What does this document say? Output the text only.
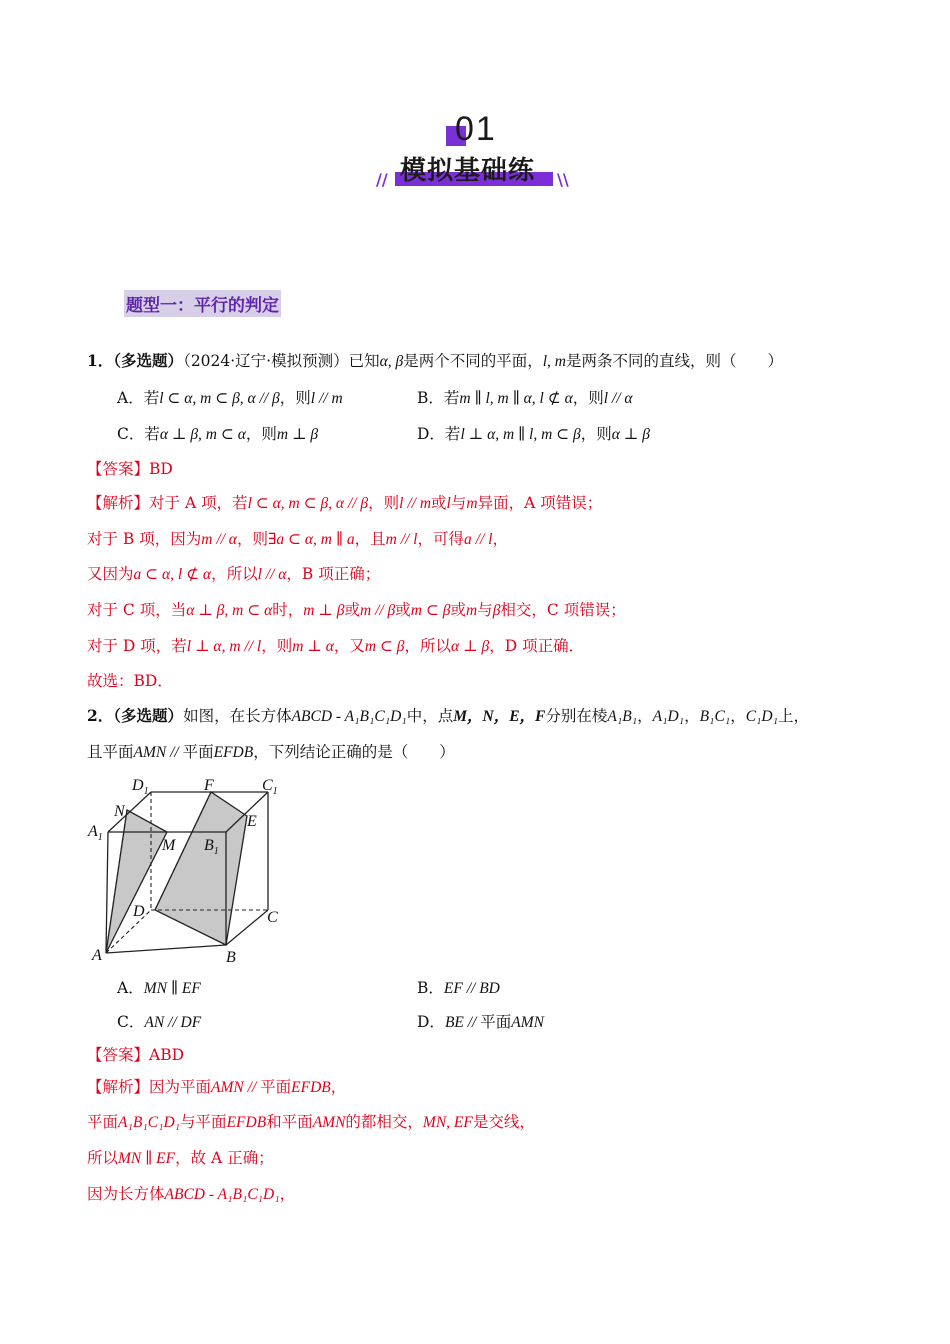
01
模拟基础练
//	\\
题型一：平行的判定
1．（多选题）（2024·辽宁·模拟预测）已知α, β是两个不同的平面，l, m是两条不同的直线，则（　　）
A．若l ⊂ α, m ⊂ β, α // β，则l // m	B．若m ∥ l, m ∥ α, l ⊄ α，则l // α
C．若α ⊥ β, m ⊂ α，则m ⊥ β	D．若l ⊥ α, m ∥ l, m ⊂ β，则α ⊥ β
【答案】BD
【解析】对于 A 项，若l ⊂ α, m ⊂ β, α // β，则l // m或l与m异面，A 项错误；
对于 B 项，因为m // α，则∃a ⊂ α, m ∥ a，且m // l，可得a // l，
又因为a ⊂ α, l ⊄ α，所以l // α，B 项正确；
对于 C 项，当α ⊥ β, m ⊂ α时，m ⊥ β或m // β或m ⊂ β或m与β相交，C 项错误；
对于 D 项，若l ⊥ α, m // l，则m ⊥ α，又m ⊂ β，所以α ⊥ β，D 项正确．
故选：BD．
2．（多选题）如图，在长方体ABCD - A₁B₁C₁D₁中，点M，N，E，F分别在棱A₁B₁，A₁D₁，B₁C₁，C₁D₁上，
且平面AMN // 平面EFDB，下列结论正确的是（　　）
$D_1$	F	$C_1$
N
E
$A_1$	M $B_1$
D	C
A	B
A．MN ∥ EF	B．EF // BD
C．AN // DF	D．BE // 平面AMN
【答案】ABD
【解析】因为平面AMN // 平面EFDB，
平面A₁B₁C₁D₁与平面EFDB和平面AMN的都相交，MN, EF是交线，
所以MN ∥ EF，故 A 正确；
因为长方体ABCD - A₁B₁C₁D₁，
